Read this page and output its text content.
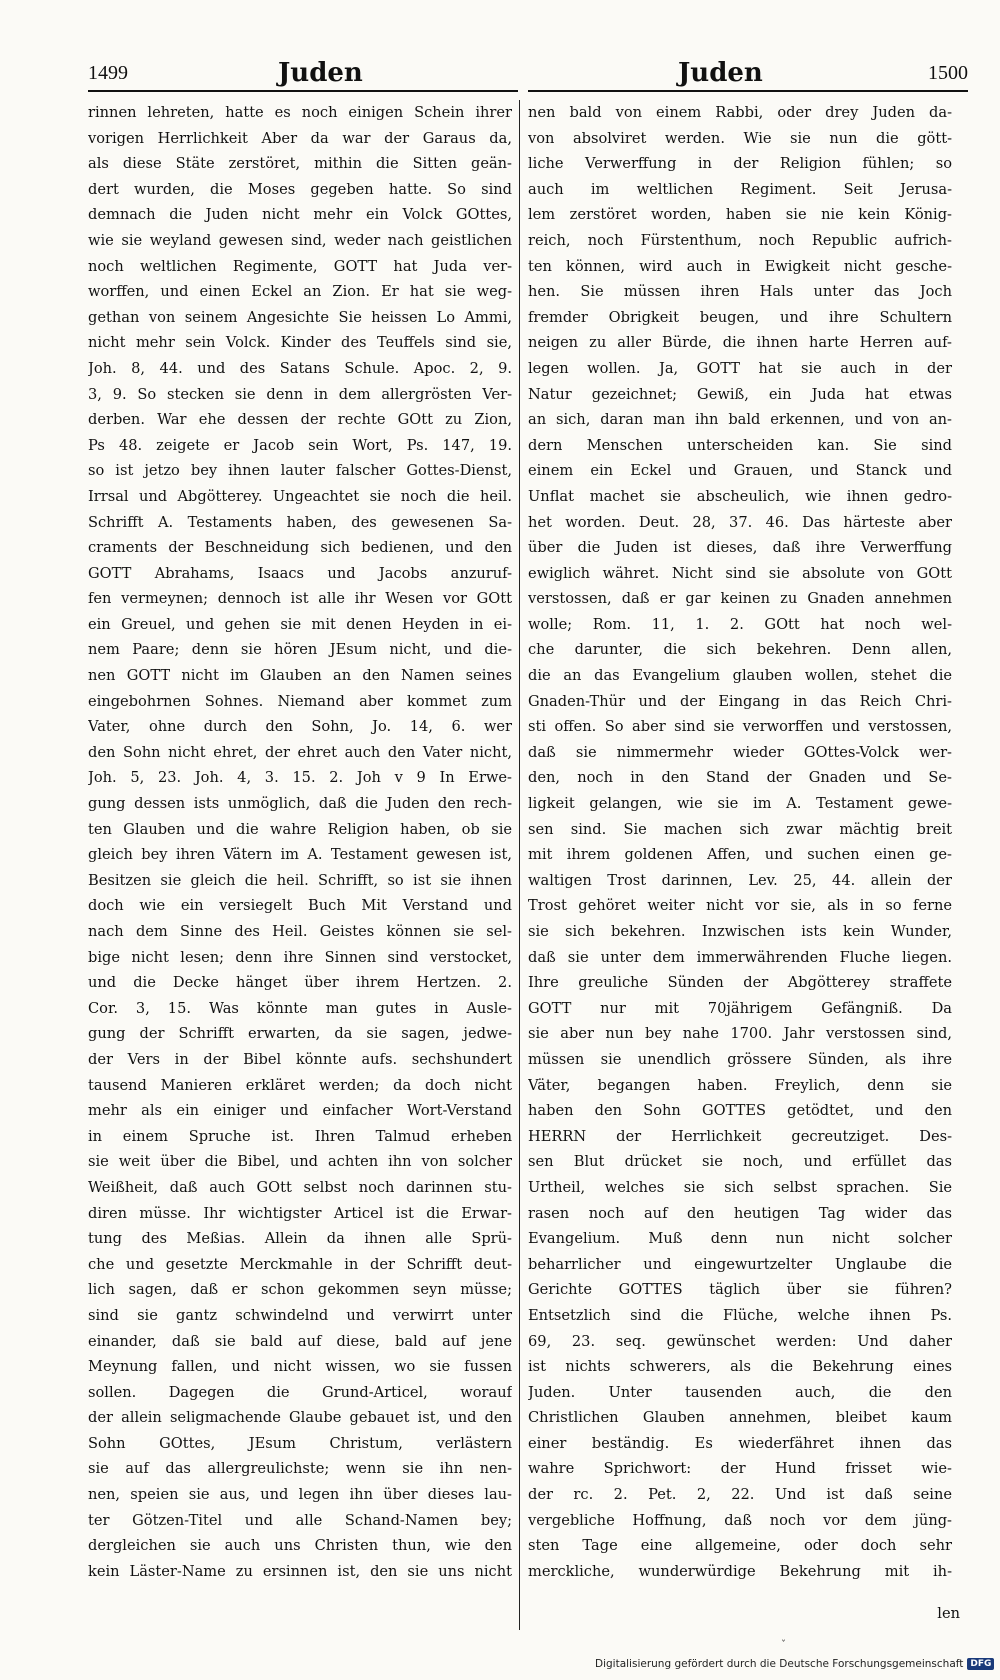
1499	Juden	Juden	1500
rinnen lehreten, hatte es noch einigen Schein ihrer
vorigen Herrlichkeit Aber da war der Garaus da,
als diese Stäte zerstöret, mithin die Sitten geän-
dert wurden, die Moses gegeben hatte. So sind
demnach die Juden nicht mehr ein Volck GOttes,
wie sie weyland gewesen sind, weder nach geistlichen
noch weltlichen Regimente, GOTT hat Juda ver-
worffen, und einen Eckel an Zion. Er hat sie weg-
gethan von seinem Angesichte Sie heissen Lo Ammi,
nicht mehr sein Volck. Kinder des Teuffels sind sie,
Joh. 8, 44. und des Satans Schule. Apoc. 2, 9.
3, 9. So stecken sie denn in dem allergrösten Ver-
derben. War ehe dessen der rechte GOtt zu Zion,
Ps 48. zeigete er Jacob sein Wort, Ps. 147, 19.
so ist jetzo bey ihnen lauter falscher Gottes-Dienst,
Irrsal und Abgötterey. Ungeachtet sie noch die heil.
Schrifft A. Testaments haben, des gewesenen Sa-
craments der Beschneidung sich bedienen, und den
GOTT Abrahams, Isaacs und Jacobs anzuruf-
fen vermeynen; dennoch ist alle ihr Wesen vor GOtt
ein Greuel, und gehen sie mit denen Heyden in ei-
nem Paare; denn sie hören JEsum nicht, und die-
nen GOTT nicht im Glauben an den Namen seines
eingebohrnen Sohnes. Niemand aber kommet zum
Vater, ohne durch den Sohn, Jo. 14, 6. wer
den Sohn nicht ehret, der ehret auch den Vater nicht,
Joh. 5, 23. Joh. 4, 3. 15. 2. Joh v 9 In Erwe-
gung dessen ists unmöglich, daß die Juden den rech-
ten Glauben und die wahre Religion haben, ob sie
gleich bey ihren Vätern im A. Testament gewesen ist,
Besitzen sie gleich die heil. Schrifft, so ist sie ihnen
doch wie ein versiegelt Buch Mit Verstand und
nach dem Sinne des Heil. Geistes können sie sel-
bige nicht lesen; denn ihre Sinnen sind verstocket,
und die Decke hänget über ihrem Hertzen. 2.
Cor. 3, 15. Was könnte man gutes in Ausle-
gung der Schrifft erwarten, da sie sagen, jedwe-
der Vers in der Bibel könnte aufs. sechshundert
tausend Manieren erkläret werden; da doch nicht
mehr als ein einiger und einfacher Wort-Verstand
in einem Spruche ist. Ihren Talmud erheben
sie weit über die Bibel, und achten ihn von solcher
Weißheit, daß auch GOtt selbst noch darinnen stu-
diren müsse. Ihr wichtigster Articel ist die Erwar-
tung des Meßias. Allein da ihnen alle Sprü-
che und gesetzte Merckmahle in der Schrifft deut-
lich sagen, daß er schon gekommen seyn müsse;
sind sie gantz schwindelnd und verwirrt unter
einander, daß sie bald auf diese, bald auf jene
Meynung fallen, und nicht wissen, wo sie fussen
sollen. Dagegen die Grund-Articel, worauf
der allein seligmachende Glaube gebauet ist, und den
Sohn GOttes, JEsum Christum, verlästern
sie auf das allergreulichste; wenn sie ihn nen-
nen, speien sie aus, und legen ihn über dieses lau-
ter Götzen-Titel und alle Schand-Namen bey;
dergleichen sie auch uns Christen thun, wie den
kein Läster-Name zu ersinnen ist, den sie uns nicht
nen bald von einem Rabbi, oder drey Juden da-
von absolviret werden. Wie sie nun die gött-
liche Verwerffung in der Religion fühlen; so
auch im weltlichen Regiment. Seit Jerusa-
lem zerstöret worden, haben sie nie kein König-
reich, noch Fürstenthum, noch Republic aufrich-
ten können, wird auch in Ewigkeit nicht gesche-
hen. Sie müssen ihren Hals unter das Joch
fremder Obrigkeit beugen, und ihre Schultern
neigen zu aller Bürde, die ihnen harte Herren auf-
legen wollen. Ja, GOTT hat sie auch in der
Natur gezeichnet; Gewiß, ein Juda hat etwas
an sich, daran man ihn bald erkennen, und von an-
dern Menschen unterscheiden kan. Sie sind
einem ein Eckel und Grauen, und Stanck und
Unflat machet sie abscheulich, wie ihnen gedro-
het worden. Deut. 28, 37. 46. Das härteste aber
über die Juden ist dieses, daß ihre Verwerffung
ewiglich währet. Nicht sind sie absolute von GOtt
verstossen, daß er gar keinen zu Gnaden annehmen
wolle; Rom. 11, 1. 2. GOtt hat noch wel-
che darunter, die sich bekehren. Denn allen,
die an das Evangelium glauben wollen, stehet die
Gnaden-Thür und der Eingang in das Reich Chri-
sti offen. So aber sind sie verworffen und verstossen,
daß sie nimmermehr wieder GOttes-Volck wer-
den, noch in den Stand der Gnaden und Se-
ligkeit gelangen, wie sie im A. Testament gewe-
sen sind. Sie machen sich zwar mächtig breit
mit ihrem goldenen Affen, und suchen einen ge-
waltigen Trost darinnen, Lev. 25, 44. allein der
Trost gehöret weiter nicht vor sie, als in so ferne
sie sich bekehren. Inzwischen ists kein Wunder,
daß sie unter dem immerwährenden Fluche liegen.
Ihre greuliche Sünden der Abgötterey straffete
GOTT nur mit 70jährigem Gefängniß. Da
sie aber nun bey nahe 1700. Jahr verstossen sind,
müssen sie unendlich grössere Sünden, als ihre
Väter, begangen haben. Freylich, denn sie
haben den Sohn GOTTES getödtet, und den
HERRN der Herrlichkeit gecreutziget. Des-
sen Blut drücket sie noch, und erfüllet das
Urtheil, welches sie sich selbst sprachen. Sie
rasen noch auf den heutigen Tag wider das
Evangelium. Muß denn nun nicht solcher
beharrlicher und eingewurtzelter Unglaube die
Gerichte GOTTES täglich über sie führen?
Entsetzlich sind die Flüche, welche ihnen Ps.
69, 23. seq. gewünschet werden: Und daher
ist nichts schwerers, als die Bekehrung eines
Juden. Unter tausenden auch, die den
Christlichen Glauben annehmen, bleibet kaum
einer beständig. Es wiederfähret ihnen das
wahre Sprichwort: der Hund frisset wie-
der rc. 2. Pet. 2, 22. Und ist daß seine
vergebliche Hoffnung, daß noch vor dem jüng-
sten Tage eine allgemeine, oder doch sehr
merckliche, wunderwürdige Bekehrung mit ih-
len
ˇ
Digitalisierung gefördert durch die Deutsche Forschungsgemeinschaft DFG
